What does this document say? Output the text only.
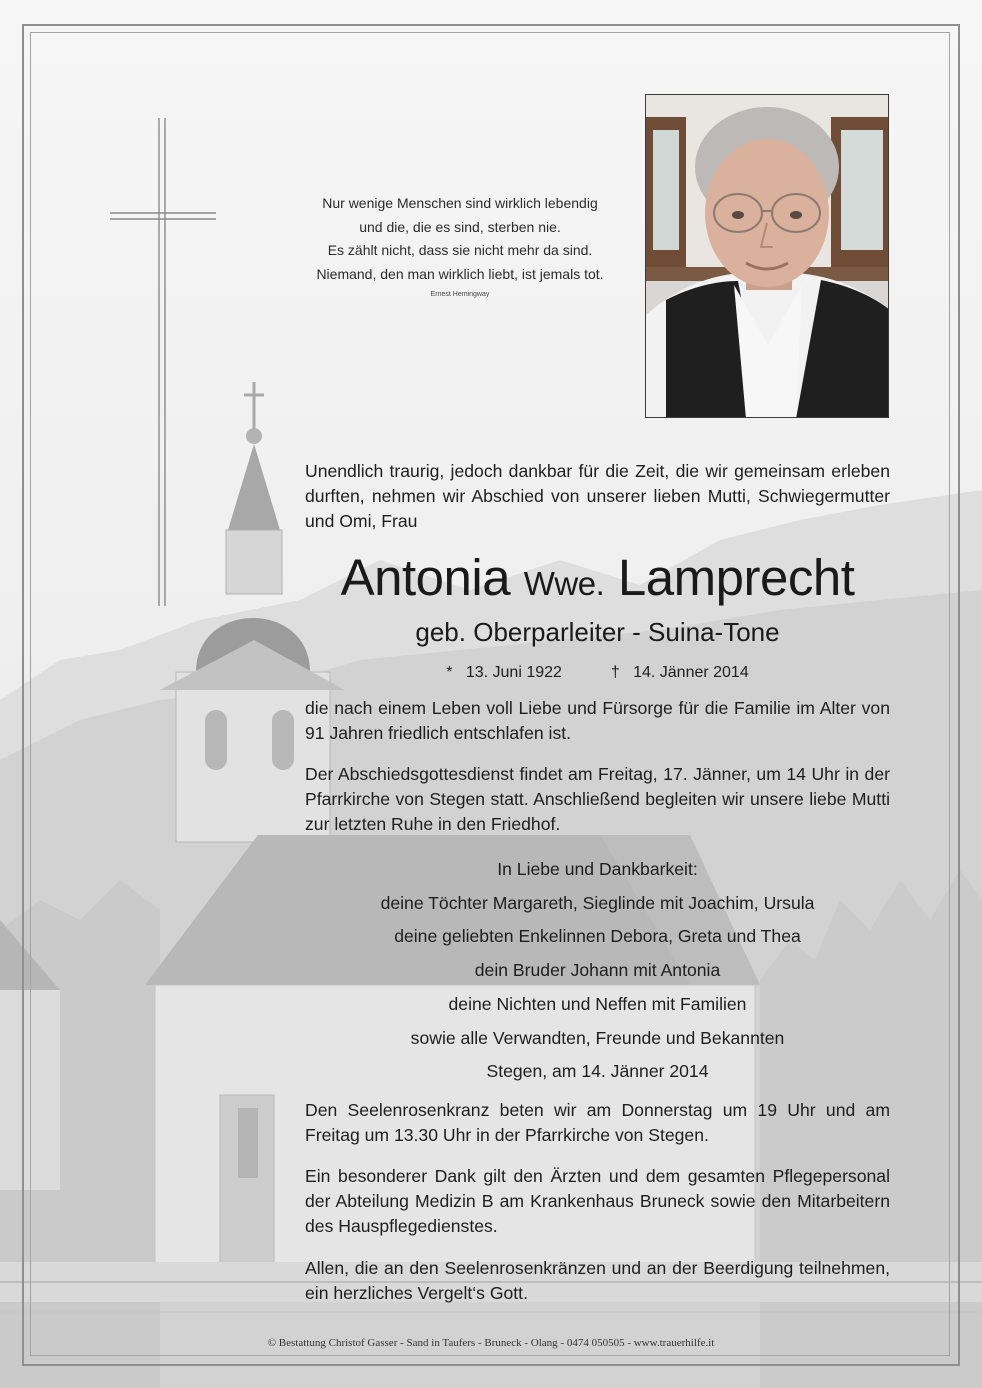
Nur wenige Menschen sind wirklich lebendig
und die, die es sind, sterben nie.
Es zählt nicht, dass sie nicht mehr da sind.
Niemand, den man wirklich liebt, ist jemals tot.
Ernest Hemingway
Unendlich traurig, jedoch dankbar für die Zeit, die wir gemeinsam erleben durften, nehmen wir Abschied von unserer lieben Mutti, Schwiegermutter und Omi, Frau
Antonia Wwe. Lamprecht
geb. Oberparleiter - Suina-Tone
* 13. Juni 1922	† 14. Jänner 2014
die nach einem Leben voll Liebe und Fürsorge für die Familie im Alter von 91 Jahren friedlich entschlafen ist.
Der Abschiedsgottesdienst findet am Freitag, 17. Jänner, um 14 Uhr in der Pfarrkirche von Stegen statt. Anschließend begleiten wir unsere liebe Mutti zur letzten Ruhe in den Friedhof.
In Liebe und Dankbarkeit:
deine Töchter Margareth, Sieglinde mit Joachim, Ursula
deine geliebten Enkelinnen Debora, Greta und Thea
dein Bruder Johann mit Antonia
deine Nichten und Neffen mit Familien
sowie alle Verwandten, Freunde und Bekannten
Stegen, am 14. Jänner 2014
Den Seelenrosenkranz beten wir am Donnerstag um 19 Uhr und am Freitag um 13.30 Uhr in der Pfarrkirche von Stegen.
Ein besonderer Dank gilt den Ärzten und dem gesamten Pflegepersonal der Abteilung Medizin B am Krankenhaus Bruneck sowie den Mitarbeitern des Hauspflegedienstes.
Allen, die an den Seelenrosenkränzen und an der Beerdigung teilnehmen, ein herzliches Vergelt‘s Gott.
© Bestattung Christof Gasser - Sand in Taufers - Bruneck - Olang - 0474 050505 - www.trauerhilfe.it
